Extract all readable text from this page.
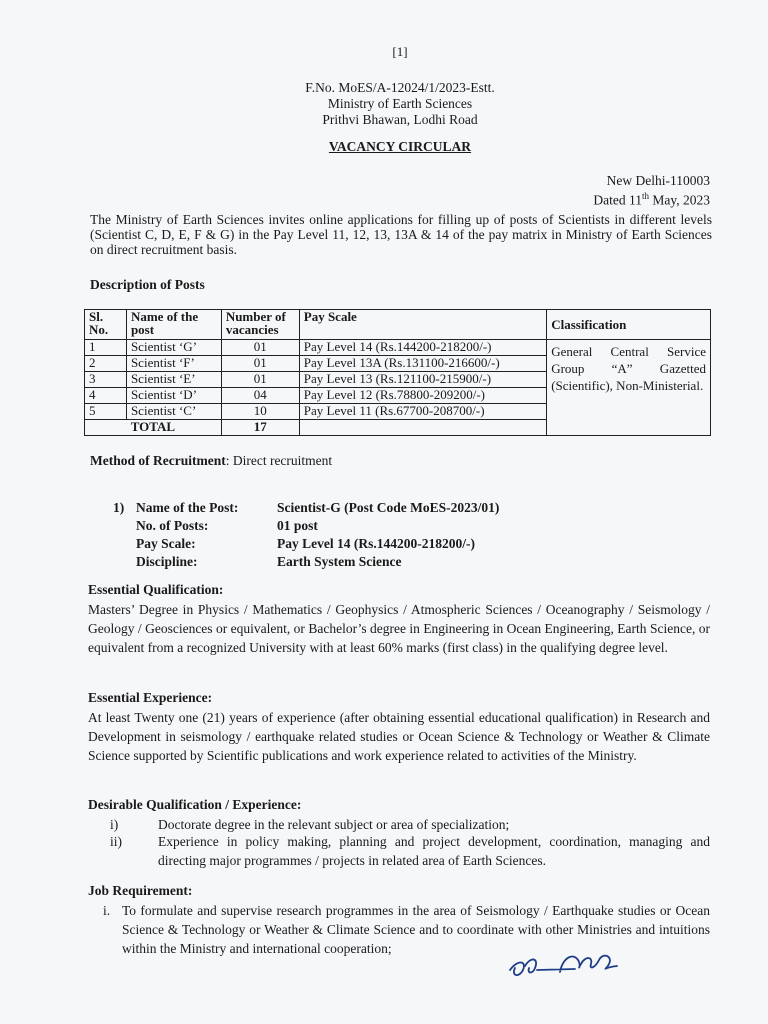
[1]
F.No. MoES/A-12024/1/2023-Estt.
Ministry of Earth Sciences
Prithvi Bhawan, Lodhi Road
VACANCY CIRCULAR
New Delhi-110003
Dated 11th May, 2023
The Ministry of Earth Sciences invites online applications for filling up of posts of Scientists in different levels (Scientist C, D, E, F & G) in the Pay Level 11, 12, 13, 13A & 14 of the pay matrix in Ministry of Earth Sciences on direct recruitment basis.
Description of Posts
Sl. No.	Name of the post	Number of vacancies	Pay Scale	Classification
1	Scientist ‘G’	01	Pay Level 14 (Rs.144200-218200/-)	General Central Service Group “A” Gazetted (Scientific), Non-Ministerial.
2	Scientist ‘F’	01	Pay Level 13A (Rs.131100-216600/-)	
3	Scientist ‘E’	01	Pay Level 13 (Rs.121100-215900/-)	
4	Scientist ‘D’	04	Pay Level 12 (Rs.78800-209200/-)	
5	Scientist ‘C’	10	Pay Level 11 (Rs.67700-208700/-)	
TOTAL		17		
Method of Recruitment: Direct recruitment
1) Name of the Post:	Scientist-G (Post Code MoES-2023/01)
No. of Posts:	01 post
Pay Scale:	Pay Level 14 (Rs.144200-218200/-)
Discipline:	Earth System Science
Essential Qualification:
Masters’ Degree in Physics / Mathematics / Geophysics / Atmospheric Sciences / Oceanography / Seismology / Geology / Geosciences or equivalent, or Bachelor’s degree in Engineering in Ocean Engineering, Earth Science, or equivalent from a recognized University with at least 60% marks (first class) in the qualifying degree level.
Essential Experience:
At least Twenty one (21) years of experience (after obtaining essential educational qualification) in Research and Development in seismology / earthquake related studies or Ocean Science & Technology or Weather & Climate Science supported by Scientific publications and work experience related to activities of the Ministry.
Desirable Qualification / Experience:
i)	Doctorate degree in the relevant subject or area of specialization;
ii)	Experience in policy making, planning and project development, coordination, managing and directing major programmes / projects in related area of Earth Sciences.
Job Requirement:
i. To formulate and supervise research programmes in the area of Seismology / Earthquake studies or Ocean Science & Technology or Weather & Climate Science and to coordinate with other Ministries and intuitions within the Ministry and international cooperation;
